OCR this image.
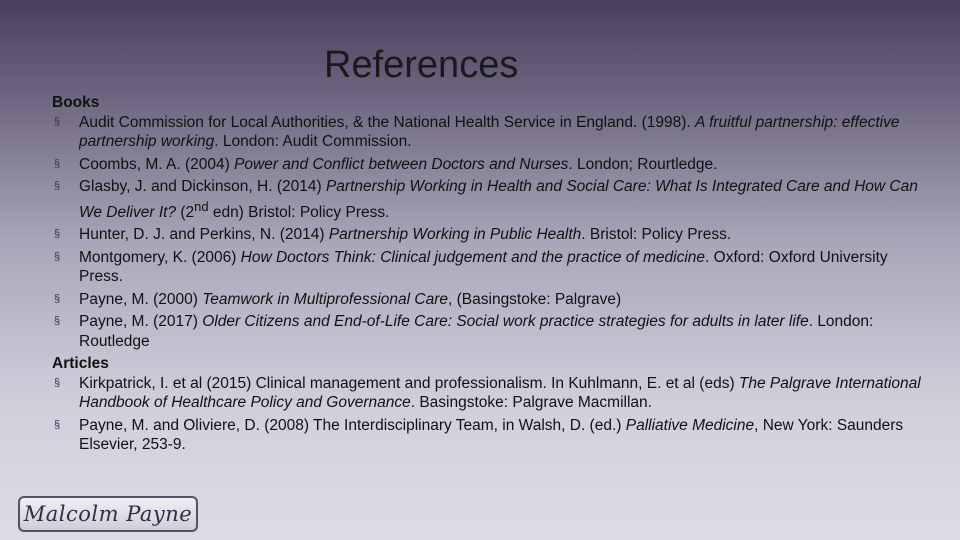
References

Books

§ Audit Commission for Local Authorities, & the National Health Service in England. (1998). A fruitful partnership: effective partnership working. London: Audit Commission.
§ Coombs, M. A. (2004) Power and Conflict between Doctors and Nurses. London; Rourtledge.
§ Glasby, J. and Dickinson, H. (2014) Partnership Working in Health and Social Care: What Is Integrated Care and How Can We Deliver It? (2nd edn) Bristol: Policy Press.
§ Hunter, D. J. and Perkins, N. (2014) Partnership Working in Public Health. Bristol: Policy Press.
§ Montgomery, K. (2006) How Doctors Think: Clinical judgement and the practice of medicine. Oxford: Oxford University Press.
§ Payne, M. (2000) Teamwork in Multiprofessional Care, (Basingstoke: Palgrave)
§ Payne, M. (2017) Older Citizens and End-of-Life Care: Social work practice strategies for adults in later life. London: Routledge

Articles

§ Kirkpatrick, I. et al (2015) Clinical management and professionalism. In Kuhlmann, E. et al (eds) The Palgrave International Handbook of Healthcare Policy and Governance. Basingstoke: Palgrave Macmillan.
§ Payne, M. and Oliviere, D. (2008) The Interdisciplinary Team, in Walsh, D. (ed.) Palliative Medicine, New York: Saunders Elsevier, 253-9.
Malcolm Payne
